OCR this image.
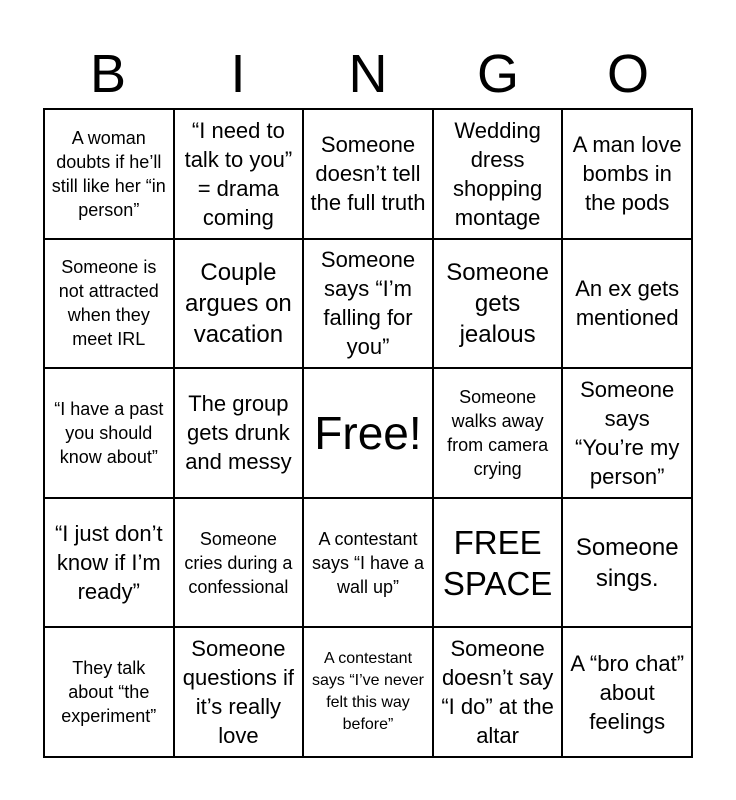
B	I	N	G	O
A woman doubts if he’ll still like her “in person”
“I need to talk to you” = drama coming
Someone doesn’t tell the full truth
Wedding dress shopping montage
A man love bombs in the pods
Someone is not attracted when they meet IRL
Couple argues on vacation
Someone says “I’m falling for you”
Someone gets jealous
An ex gets mentioned
“I have a past you should know about”
The group gets drunk and messy
Free!
Someone walks away from camera crying
Someone says “You’re my person”
“I just don’t know if I’m ready”
Someone cries during a confessional
A contestant says “I have a wall up”
FREE SPACE
Someone sings.
They talk about “the experiment”
Someone questions if it’s really love
A contestant says “I’ve never felt this way before”
Someone doesn’t say “I do” at the altar
A “bro chat” about feelings
